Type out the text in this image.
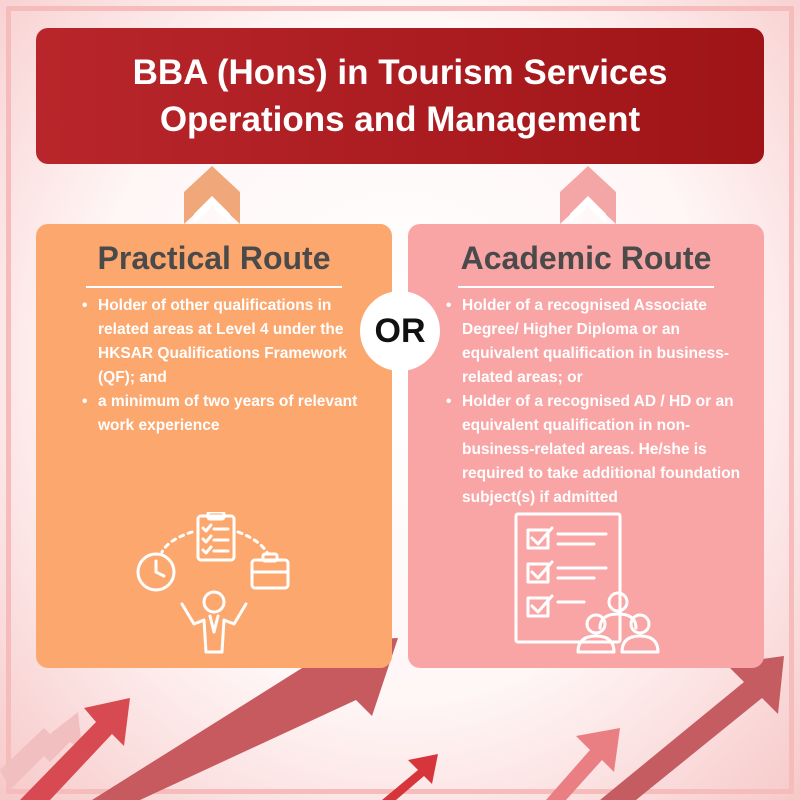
BBA (Hons) in Tourism Services
Operations and Management
Practical Route
• Holder of other qualifications in related areas at Level 4 under the HKSAR Qualifications Framework (QF); and
• a minimum of two years of relevant work experience
OR
Academic Route
• Holder of a recognised Associate Degree/ Higher Diploma or an equivalent qualification in business-related areas; or
• Holder of a recognised AD / HD or an equivalent qualification in non-business-related areas. He/she is required to take additional foundation subject(s) if admitted
